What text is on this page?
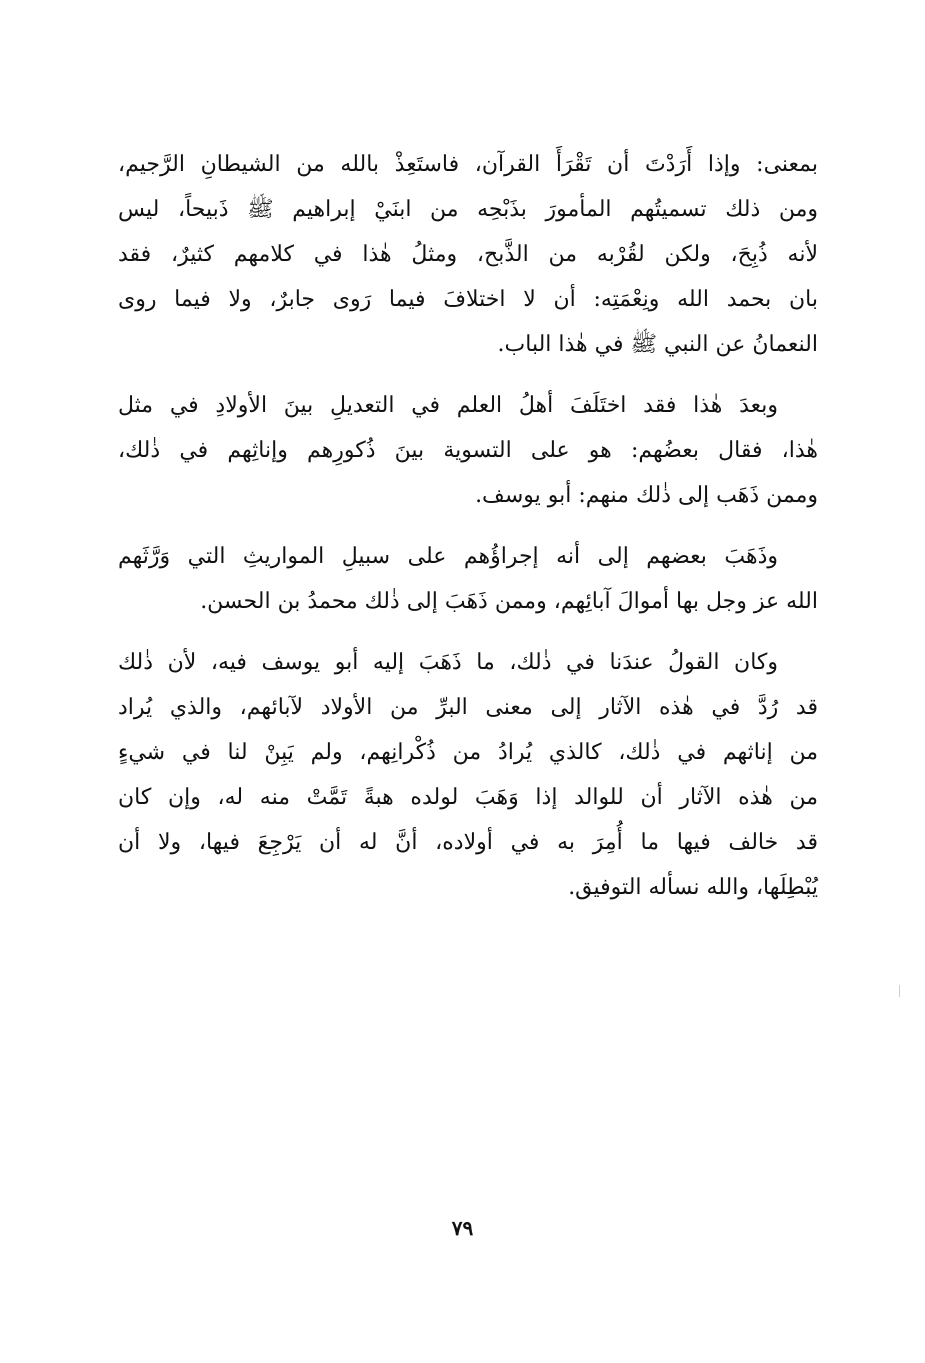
بمعنى: وإذا أَرَدْتَ أن تَقْرَأَ القرآن، فاستَعِذْ بالله من الشيطانِ الرَّجيم،
ومن ذلك تسميتُهم المأمورَ بذَبْحِه من ابنَيْ إبراهيم ﷺ ذَبيحاً، ليس
لأنه ذُبِحَ، ولكن لقُرْبه من الذَّبح، ومثلُ هٰذا في كلامهم كثيرٌ، فقد
بان بحمد الله ونِعْمَتِه: أن لا اختلافَ فيما رَوى جابرٌ، ولا فيما روى
النعمانُ عن النبي ﷺ في هٰذا الباب.
وبعدَ هٰذا فقد اختَلَفَ أهلُ العلم في التعديلِ بينَ الأولادِ في مثل
هٰذا، فقال بعضُهم: هو على التسوية بينَ ذُكورِهم وإناثِهم في ذٰلك،
وممن ذَهَب إلى ذٰلك منهم: أبو يوسف.
وذَهَبَ بعضهم إلى أنه إجراؤُهم على سبيلِ المواريثِ التي وَرَّثَهم
الله عز وجل بها أموالَ آبائِهم، وممن ذَهَبَ إلى ذٰلك محمدُ بن الحسن.
وكان القولُ عندَنا في ذٰلك، ما ذَهَبَ إليه أبو يوسف فيه، لأن ذٰلك
قد رُدَّ في هٰذه الآثار إلى معنى البرِّ من الأولاد لآبائهم، والذي يُراد
من إناثهم في ذٰلك، كالذي يُرادُ من ذُكْرانِهم، ولم يَبِنْ لنا في شيءٍ
من هٰذه الآثار أن للوالد إذا وَهَبَ لولده هبةً تَمَّتْ منه له، وإن كان
قد خالف فيها ما أُمِرَ به في أولاده، أنَّ له أن يَرْجِعَ فيها، ولا أن
يُبْطِلَها، والله نسأله التوفيق.
٧٩
